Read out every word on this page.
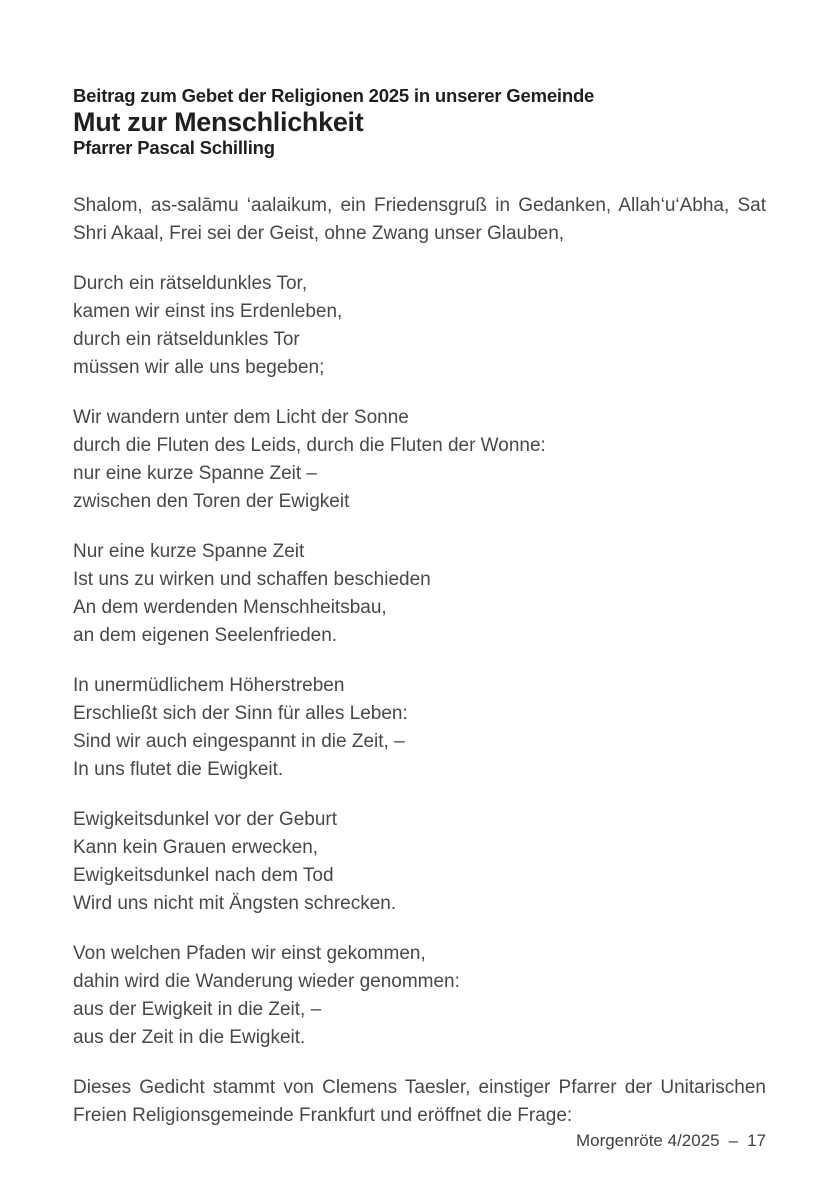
Beitrag zum Gebet der Religionen 2025 in unserer Gemeinde
Mut zur Menschlichkeit
Pfarrer Pascal Schilling
Shalom, as-salāmu ‘aalaikum, ein Friedensgruß in Gedanken, Allah‘u‘Abha, Sat Shri Akaal, Frei sei der Geist, ohne Zwang unser Glauben,
Durch ein rätseldunkles Tor,
kamen wir einst ins Erdenleben,
durch ein rätseldunkles Tor
müssen wir alle uns begeben;
Wir wandern unter dem Licht der Sonne
durch die Fluten des Leids, durch die Fluten der Wonne:
nur eine kurze Spanne Zeit –
zwischen den Toren der Ewigkeit
Nur eine kurze Spanne Zeit
Ist uns zu wirken und schaffen beschieden
An dem werdenden Menschheitsbau,
an dem eigenen Seelenfrieden.
In unermüdlichem Höherstreben
Erschließt sich der Sinn für alles Leben:
Sind wir auch eingespannt in die Zeit, –
In uns flutet die Ewigkeit.
Ewigkeitsdunkel vor der Geburt
Kann kein Grauen erwecken,
Ewigkeitsdunkel nach dem Tod
Wird uns nicht mit Ängsten schrecken.
Von welchen Pfaden wir einst gekommen,
dahin wird die Wanderung wieder genommen:
aus der Ewigkeit in die Zeit, –
aus der Zeit in die Ewigkeit.
Dieses Gedicht stammt von Clemens Taesler, einstiger Pfarrer der Unitarischen Freien Religionsgemeinde Frankfurt und eröffnet die Frage:
Morgenröte 4/2025 – 17
